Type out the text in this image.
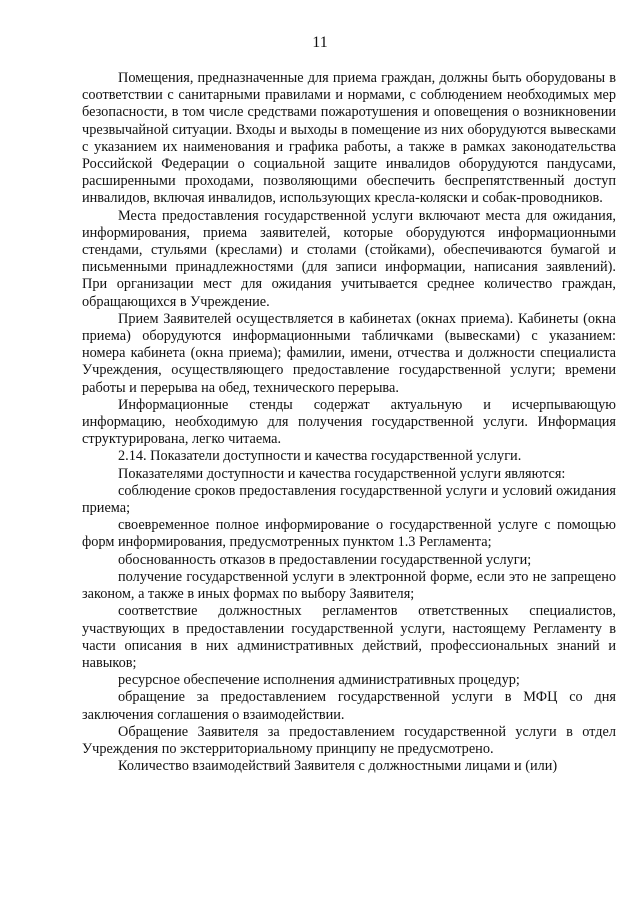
11

Помещения, предназначенные для приема граждан, должны быть оборудованы в соответствии с санитарными правилами и нормами, с соблюдением необходимых мер безопасности, в том числе средствами пожаротушения и оповещения о возникновении чрезвычайной ситуации. Входы и выходы в помещение из них оборудуются вывесками с указанием их наименования и графика работы, а также в рамках законодательства Российской Федерации о социальной защите инвалидов оборудуются пандусами, расширенными проходами, позволяющими обеспечить беспрепятственный доступ инвалидов, включая инвалидов, использующих кресла-коляски и собак-проводников.

Места предоставления государственной услуги включают места для ожидания, информирования, приема заявителей, которые оборудуются информационными стендами, стульями (креслами) и столами (стойками), обеспечиваются бумагой и письменными принадлежностями (для записи информации, написания заявлений). При организации мест для ожидания учитывается среднее количество граждан, обращающихся в Учреждение.

Прием Заявителей осуществляется в кабинетах (окнах приема). Кабинеты (окна приема) оборудуются информационными табличками (вывесками) с указанием: номера кабинета (окна приема); фамилии, имени, отчества и должности специалиста Учреждения, осуществляющего предоставление государственной услуги; времени работы и перерыва на обед, технического перерыва.

Информационные стенды содержат актуальную и исчерпывающую информацию, необходимую для получения государственной услуги. Информация структурирована, легко читаема.

2.14. Показатели доступности и качества государственной услуги.

Показателями доступности и качества государственной услуги являются:

соблюдение сроков предоставления государственной услуги и условий ожидания приема;

своевременное полное информирование о государственной услуге с помощью форм информирования, предусмотренных пунктом 1.3 Регламента;

обоснованность отказов в предоставлении государственной услуги;

получение государственной услуги в электронной форме, если это не запрещено законом, а также в иных формах по выбору Заявителя;

соответствие должностных регламентов ответственных специалистов, участвующих в предоставлении государственной услуги, настоящему Регламенту в части описания в них административных действий, профессиональных знаний и навыков;

ресурсное обеспечение исполнения административных процедур;

обращение за предоставлением государственной услуги в МФЦ со дня заключения соглашения о взаимодействии.

Обращение Заявителя за предоставлением государственной услуги в отдел Учреждения по экстерриториальному принципу не предусмотрено.

Количество взаимодействий Заявителя с должностными лицами и (или)
